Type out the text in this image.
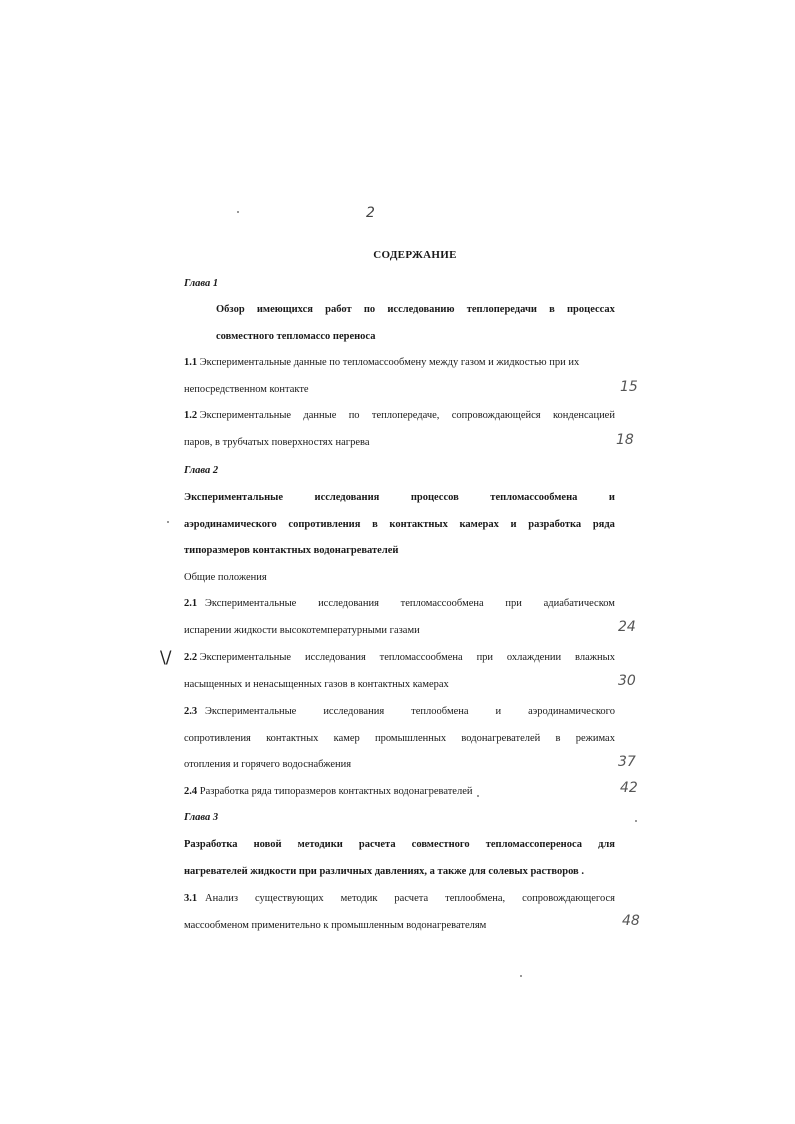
2
СОДЕРЖАНИЕ
Глава 1
Обзор имеющихся работ по исследованию теплопередачи в процессах
совместного тепломассо переноса
1.1 Экспериментальные данные по тепломассообмену между газом и жидкостью при их
непосредственном контакте	15
1.2 Экспериментальные данные по теплопередаче, сопровождающейся конденсацией
паров, в трубчатых поверхностях нагрева	18
Глава 2
Экспериментальные	исследования	процессов	тепломассообмена	и
аэродинамического сопротивления в контактных камерах и разработка ряда
типоразмеров контактных водонагревателей
Общие положения
2.1 Экспериментальные исследования тепломассообмена при адиабатическом
испарении жидкости высокотемпературными газами	24
\/ 2.2 Экспериментальные исследования тепломассообмена при охлаждении влажных
насыщенных и ненасыщенных газов в контактных камерах	30
2.3 Экспериментальные	исследования	теплообмена	и	аэродинамического
сопротивления контактных камер промышленных водонагревателей в режимах
отопления и горячего водоснабжения	37
2.4 Разработка ряда типоразмеров контактных водонагревателей	42
Глава 3
Разработка новой методики расчета совместного тепломассопереноса для
нагревателей жидкости при различных давлениях, а также для солевых растворов .
3.1 Анализ существующих методик расчета теплообмена, сопровождающегося
массообменом применительно к промышленным водонагревателям	48
